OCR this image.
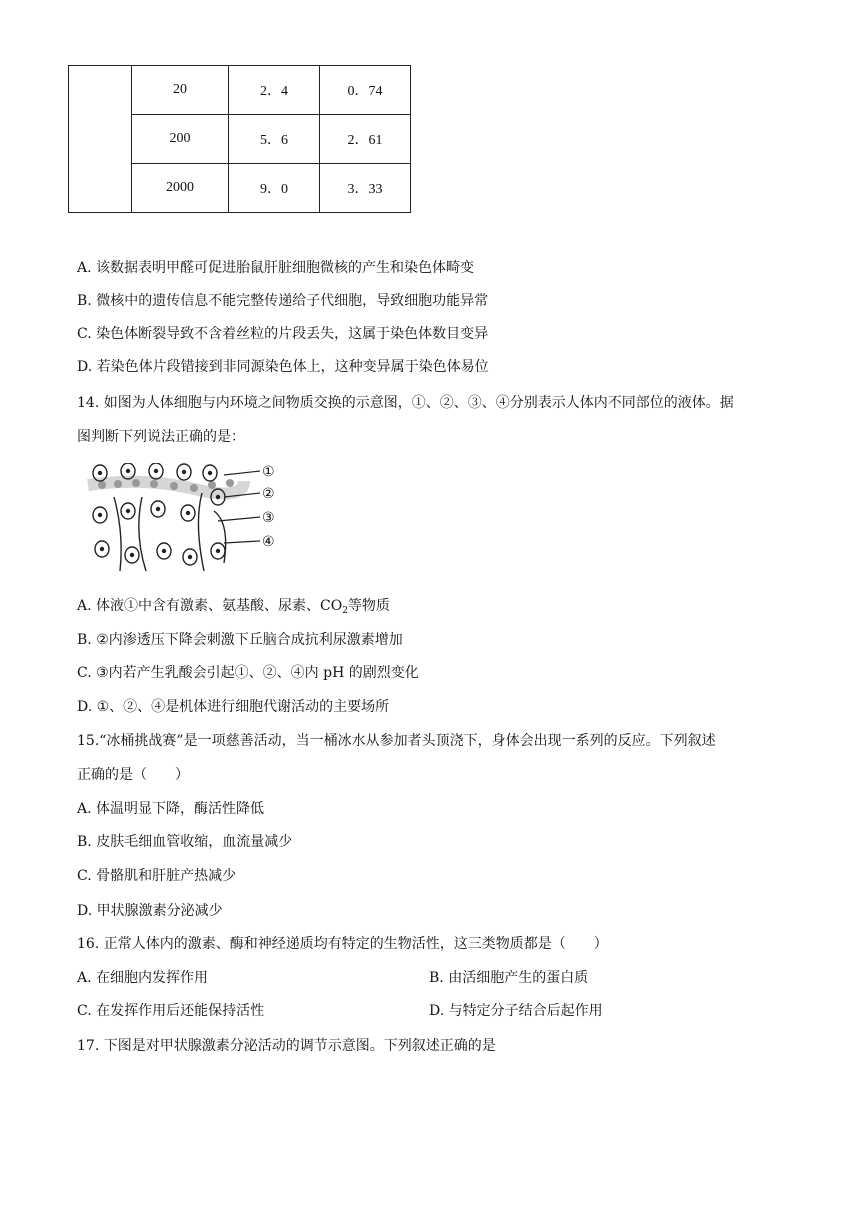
	20	2．4	0．74
	200	5．6	2．61
	2000	9．0	3．33
A. 该数据表明甲醛可促进胎鼠肝脏细胞微核的产生和染色体畸变
B. 微核中的遗传信息不能完整传递给子代细胞，导致细胞功能异常
C. 染色体断裂导致不含着丝粒的片段丢失，这属于染色体数目变异
D. 若染色体片段错接到非同源染色体上，这种变异属于染色体易位
14. 如图为人体细胞与内环境之间物质交换的示意图，①、②、③、④分别表示人体内不同部位的液体。据
图判断下列说法正确的是：
①
②
③
④
A. 体液①中含有激素、氨基酸、尿素、$CO_2$等物质
B. ②内渗透压下降会刺激下丘脑合成抗利尿激素增加
C. ③内若产生乳酸会引起①、②、④内 pH 的剧烈变化
D. ①、②、④是机体进行细胞代谢活动的主要场所
15.“冰桶挑战赛”是一项慈善活动，当一桶冰水从参加者头顶浇下，身体会出现一系列的反应。下列叙述
正确的是（　　）
A. 体温明显下降，酶活性降低
B. 皮肤毛细血管收缩，血流量减少
C. 骨骼肌和肝脏产热减少
D. 甲状腺激素分泌减少
16. 正常人体内的激素、酶和神经递质均有特定的生物活性，这三类物质都是（　　）
A. 在细胞内发挥作用	B. 由活细胞产生的蛋白质
C. 在发挥作用后还能保持活性	D. 与特定分子结合后起作用
17. 下图是对甲状腺激素分泌活动的调节示意图。下列叙述正确的是
